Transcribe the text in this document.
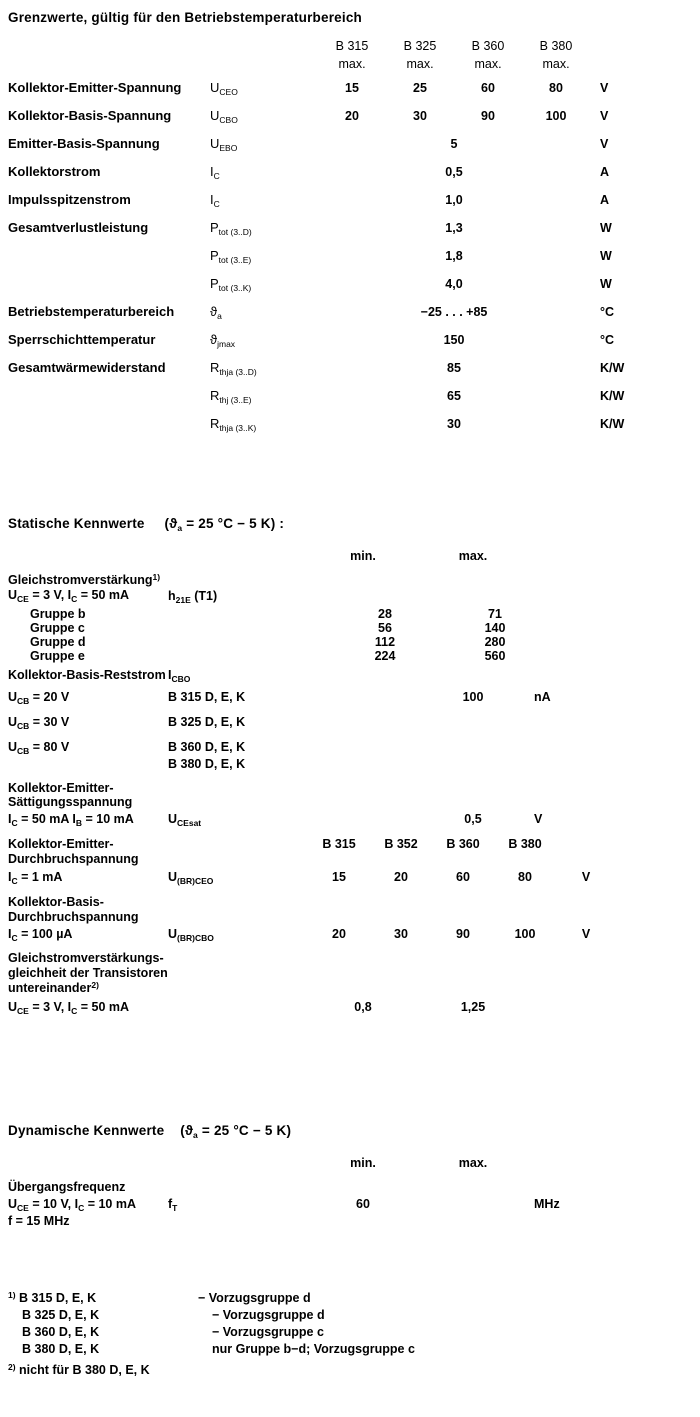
Grenzwerte, gültig für den Betriebstemperaturbereich
B 315	B 325	B 360	B 380
max.	max.	max.	max.
Kollektor-Emitter-Spannung	$U_{CEO}$	15	25	60	80	V
Kollektor-Basis-Spannung	$U_{CBO}$	20	30	90	100	V
Emitter-Basis-Spannung	$U_{EBO}$	5	V
Kollektorstrom	$I_C$	0,5	A
Impulsspitzenstrom	$I_C$	1,0	A
Gesamtverlustleistung	$P_{tot (3..D)}$	1,3	W
$P_{tot (3..E)}$	1,8	W
$P_{tot (3..K)}$	4,0	W
Betriebstemperaturbereich	$ϑ_a$	−25 . . . +85	°C
Sperrschichttemperatur	$ϑ_{jmax}$	150	°C
Gesamtwärmewiderstand	$R_{thja (3..D)}$	85	K/W
$R_{thj (3..E)}$	65	K/W
$R_{thja (3..K)}$	30	K/W
Statische Kennwerte ($ϑ_a = 25$ °C − 5 K) :
min.	max.
Gleichstromverstärkung$^{1)}$
$U_{CE} = 3$ V, $I_C = 50$ mA	$h_{21E}$ (T1)
Gruppe b	28	71
Gruppe c	56	140
Gruppe d	112	280
Gruppe e	224	560
Kollektor-Basis-Reststrom $I_{CBO}$
$U_{CB} = 20$ V	B 315 D, E, K	100	nA
$U_{CB} = 30$ V	B 325 D, E, K
$U_{CB} = 80$ V	B 360 D, E, K
B 380 D, E, K
Kollektor-Emitter-
Sättigungsspannung
$I_C = 50$ mA $I_B = 10$ mA	$U_{CEsat}$	0,5	V
Kollektor-Emitter-
Durchbruchspannung
B 315	B 352	B 360	B 380
$I_C = 1$ mA	$U_{(BR)CEO}$	15	20	60	80	V
Kollektor-Basis-
Durchbruchspannung
$I_C = 100$ µA	$U_{(BR)CBO}$	20	30	90	100	V
Gleichstromverstärkungs-
gleichheit der Transistoren
untereinander$^{2)}$
$U_{CE} = 3$ V, $I_C = 50$ mA	0,8	1,25
Dynamische Kennwerte ($ϑ_a = 25$ °C − 5 K)
min.	max.
Übergangsfrequenz
$U_{CE} = 10$ V, $I_C = 10$ mA	$f_T$	60	MHz
f = 15 MHz
$^{1)}$ B 315 D, E, K	− Vorzugsgruppe d
B 325 D, E, K	− Vorzugsgruppe d
B 360 D, E, K	− Vorzugsgruppe c
B 380 D, E, K	nur Gruppe b−d; Vorzugsgruppe c
$^{2)}$ nicht für B 380 D, E, K
